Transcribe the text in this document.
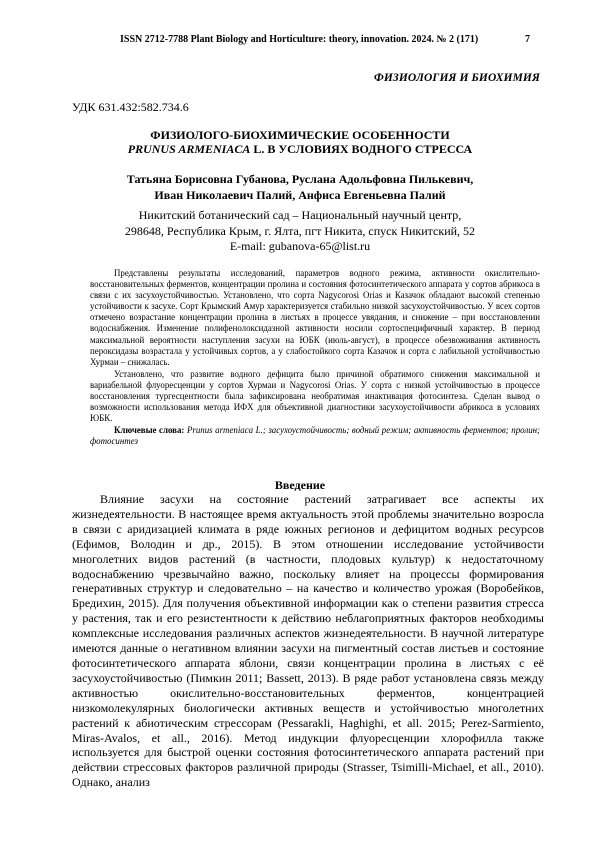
ISSN 2712-7788 Plant Biology and Horticulture: theory, innovation. 2024. № 2 (171)	7
ФИЗИОЛОГИЯ И БИОХИМИЯ
УДК 631.432:582.734.6
ФИЗИОЛОГО-БИОХИМИЧЕСКИЕ ОСОБЕННОСТИ
PRUNUS ARMENIACA L. В УСЛОВИЯХ ВОДНОГО СТРЕССА
Татьяна Борисовна Губанова, Руслана Адольфовна Пилькевич,
Иван Николаевич Палий, Анфиса Евгеньевна Палий
Никитский ботанический сад – Национальный научный центр,
298648, Республика Крым, г. Ялта, пгт Никита, спуск Никитский, 52
E-mail: gubanova-65@list.ru

Представлены результаты исследований, параметров водного режима, активности окислительно-восстановительных ферментов, концентрации пролина и состояния фотосинтетического аппарата у сортов абрикоса в связи с их засухоустойчивостью. Установлено, что сорта Nagycorosi Orias и Казачок обладают высокой степенью устойчивости к засухе. Сорт Крымский Амур характеризуется стабильно низкой засухоустойчивостью. У всех сортов отмечено возрастание концентрации пролина в листьях в процессе увядания, и снижение – при восстановлении водоснабжения. Изменение полифенолоксидазной активности носили сортоспецифичный характер. В период максимальной вероятности наступления засухи на ЮБК (июль-август), в процессе обезвоживания активность пероксидазы возрастала у устойчивых сортов, а у слабостойкого сорта Казачок и сорта с лабильной устойчивостью Хурмаи – снижалась.

Установлено, что развитие водного дефицита было причиной обратимого снижения максимальной и вариабельной флуоресценции у сортов Хурмаи и Nagycorosi Orias. У сорта с низкой устойчивостью в процессе восстановления тургесцентности была зафиксирована необратимая инактивация фотосинтеза. Сделан вывод о возможности использования метода ИФХ для объективной диагностики засухоустойчивости абрикоса в условиях ЮБК.

Ключевые слова: Prunus armeniaca L.; засухоустойчивость; водный режим; активность ферментов; пролин; фотосинтез

Введение

Влияние засухи на состояние растений затрагивает все аспекты их жизнедеятельности. В настоящее время актуальность этой проблемы значительно возросла в связи с аридизацией климата в ряде южных регионов и дефицитом водных ресурсов (Ефимов, Володин и др., 2015). В этом отношении исследование устойчивости многолетних видов растений (в частности, плодовых культур) к недостаточному водоснабжению чрезвычайно важно, поскольку влияет на процессы формирования генеративных структур и следовательно – на качество и количество урожая (Воробейков, Бредихин, 2015). Для получения объективной информации как о степени развития стресса у растения, так и его резистентности к действию неблагоприятных факторов необходимы комплексные исследования различных аспектов жизнедеятельности. В научной литературе имеются данные о негативном влиянии засухи на пигментный состав листьев и состояние фотосинтетического аппарата яблони, связи концентрации пролина в листьях с её засухоустойчивостью (Пимкин 2011; Bassett, 2013). В ряде работ установлена связь между активностью окислительно-восстановительных ферментов, концентрацией низкомолекулярных биологически активных веществ и устойчивостью многолетних растений к абиотическим стрессорам (Pessarakli, Haghighi, et all. 2015; Perez-Sarmiento, Miras-Avalos, et all., 2016). Метод индукции флуоресценции хлорофилла также используется для быстрой оценки состояния фотосинтетического аппарата растений при действии стрессовых факторов различной природы (Strasser, Tsimilli-Michael, et all., 2010). Однако, анализ
